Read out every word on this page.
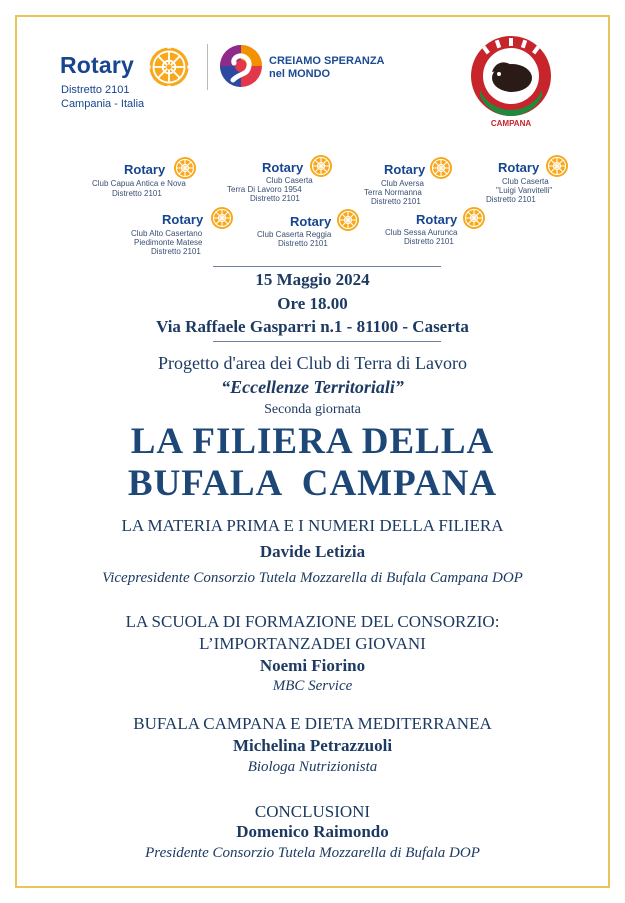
Rotary
Distretto 2101
Campania - Italia
CREIAMO SPERANZA
nel MONDO
CAMPANA
Rotary
Club Capua Antica e Nova
Distretto 2101
Rotary
Club Caserta
Terra Di Lavoro 1954
Distretto 2101
Rotary
Club Aversa
Terra Normanna
Distretto 2101
Rotary
Club Caserta
"Luigi Vanvitelli"
Distretto 2101
Rotary
Club Alto Casertano
Piedimonte Matese
Distretto 2101
Rotary
Club Caserta Reggia
Distretto 2101
Rotary
Club Sessa Aurunca
Distretto 2101
15 Maggio 2024
Ore 18.00
Via Raffaele Gasparri n.1 - 81100 - Caserta
Progetto d'area dei Club di Terra di Lavoro
“Eccellenze Territoriali”
Seconda giornata
LA FILIERA DELLA
BUFALA  CAMPANA
LA MATERIA PRIMA E I NUMERI DELLA FILIERA
Davide Letizia
Vicepresidente Consorzio Tutela Mozzarella di Bufala Campana DOP
LA SCUOLA DI FORMAZIONE DEL CONSORZIO:
L’IMPORTANZADEI GIOVANI
Noemi Fiorino
MBC Service
BUFALA CAMPANA E DIETA MEDITERRANEA
Michelina Petrazzuoli
Biologa Nutrizionista
CONCLUSIONI
Domenico Raimondo
Presidente Consorzio Tutela Mozzarella di Bufala DOP
